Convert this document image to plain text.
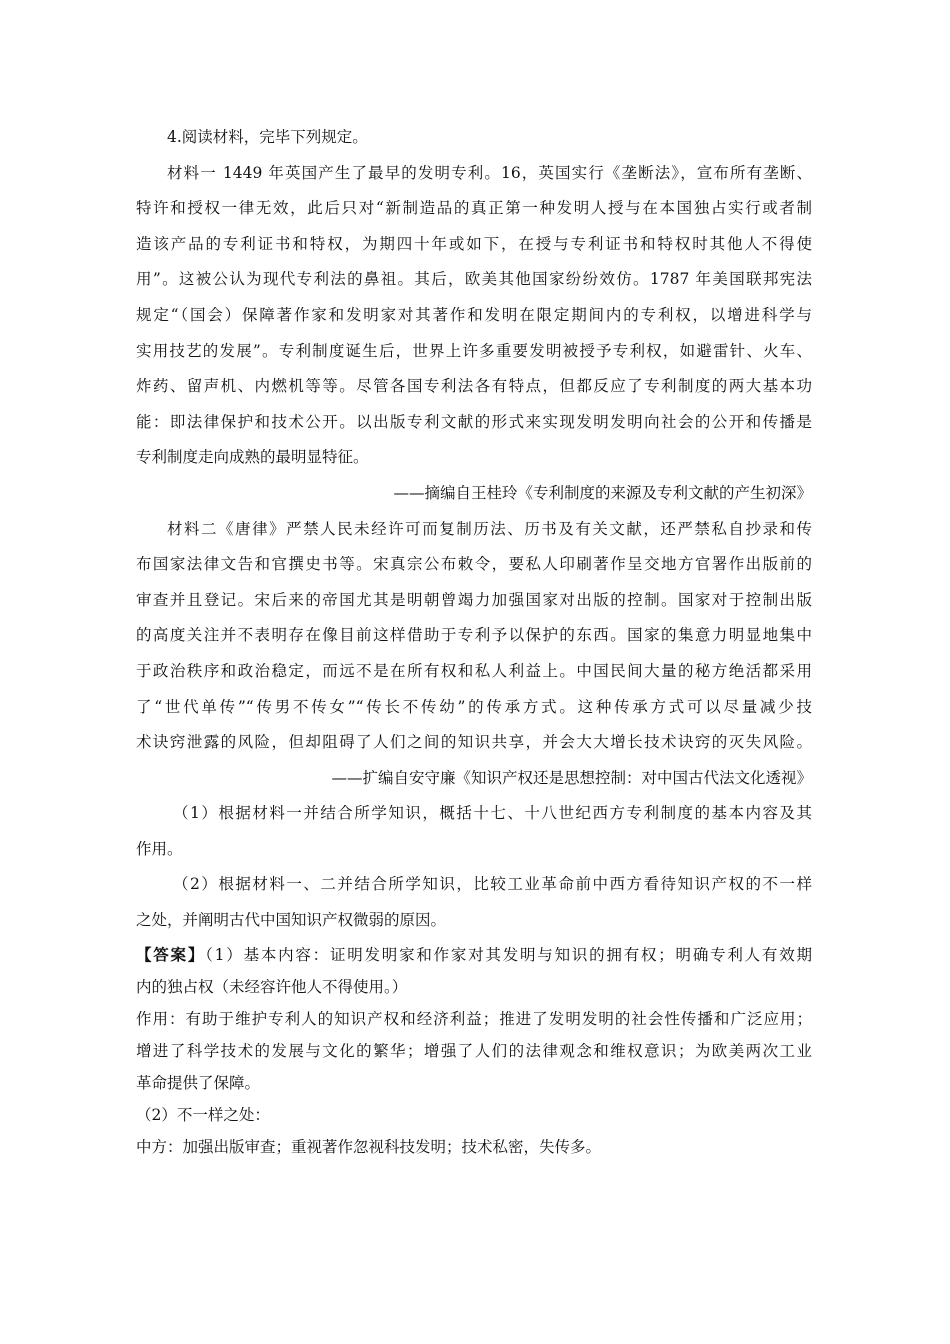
4.阅读材料，完毕下列规定。
材料一 1449 年英国产生了最早的发明专利。16，英国实行《垄断法》，宣布所有垄断、
特许和授权一律无效，此后只对“新制造品的真正第一种发明人授与在本国独占实行或者制
造该产品的专利证书和特权，为期四十年或如下，在授与专利证书和特权时其他人不得使
用”。这被公认为现代专利法的鼻祖。其后，欧美其他国家纷纷效仿。1787 年美国联邦宪法
规定“（国会）保障著作家和发明家对其著作和发明在限定期间内的专利权，以增进科学与
实用技艺的发展”。专利制度诞生后，世界上许多重要发明被授予专利权，如避雷针、火车、
炸药、留声机、内燃机等等。尽管各国专利法各有特点，但都反应了专利制度的两大基本功
能：即法律保护和技术公开。以出版专利文献的形式来实现发明发明向社会的公开和传播是
专利制度走向成熟的最明显特征。
——摘编自王桂玲《专利制度的来源及专利文献的产生初深》
材料二《唐律》严禁人民未经许可而复制历法、历书及有关文献，还严禁私自抄录和传
布国家法律文告和官撰史书等。宋真宗公布敕令，要私人印刷著作呈交地方官署作出版前的
审查并且登记。宋后来的帝国尤其是明朝曾竭力加强国家对出版的控制。国家对于控制出版
的高度关注并不表明存在像目前这样借助于专利予以保护的东西。国家的集意力明显地集中
于政治秩序和政治稳定，而远不是在所有权和私人利益上。中国民间大量的秘方绝活都采用
了“世代单传”“传男不传女”“传长不传幼”的传承方式。这种传承方式可以尽量减少技
术诀窍泄露的风险，但却阻碍了人们之间的知识共享，并会大大增长技术诀窍的灭失风险。
——扩编自安守廉《知识产权还是思想控制：对中国古代法文化透视》
（1）根据材料一并结合所学知识，概括十七、十八世纪西方专利制度的基本内容及其
作用。
（2）根据材料一、二并结合所学知识，比较工业革命前中西方看待知识产权的不一样
之处，并阐明古代中国知识产权微弱的原因。
【答案】（1）基本内容：证明发明家和作家对其发明与知识的拥有权；明确专利人有效期
内的独占权（未经容许他人不得使用。）
作用：有助于维护专利人的知识产权和经济利益；推进了发明发明的社会性传播和广泛应用；
增进了科学技术的发展与文化的繁华；增强了人们的法律观念和维权意识；为欧美两次工业
革命提供了保障。
（2）不一样之处：
中方：加强出版审查；重视著作忽视科技发明；技术私密，失传多。
